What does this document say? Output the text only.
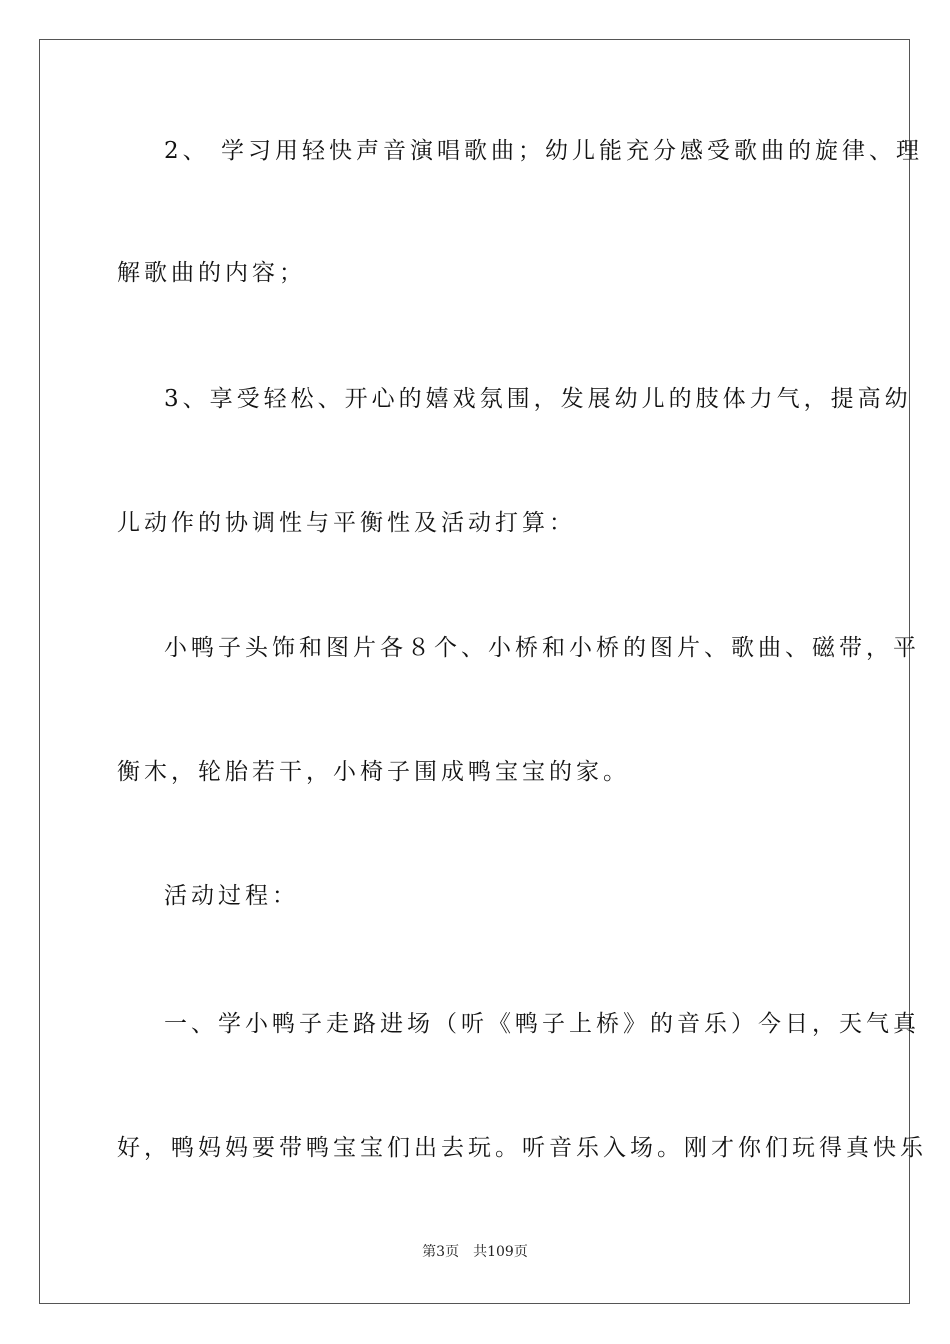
2、 学习用轻快声音演唱歌曲；幼儿能充分感受歌曲的旋律、理
解歌曲的内容；
3、享受轻松、开心的嬉戏氛围，发展幼儿的肢体力气，提高幼
儿动作的协调性与平衡性及活动打算：
小鸭子头饰和图片各８个、小桥和小桥的图片、歌曲、磁带，平
衡木，轮胎若干，小椅子围成鸭宝宝的家。
活动过程：
一、学小鸭子走路进场（听《鸭子上桥》的音乐）今日，天气真
好，鸭妈妈要带鸭宝宝们出去玩。听音乐入场。刚才你们玩得真快乐
第3页 共109页
